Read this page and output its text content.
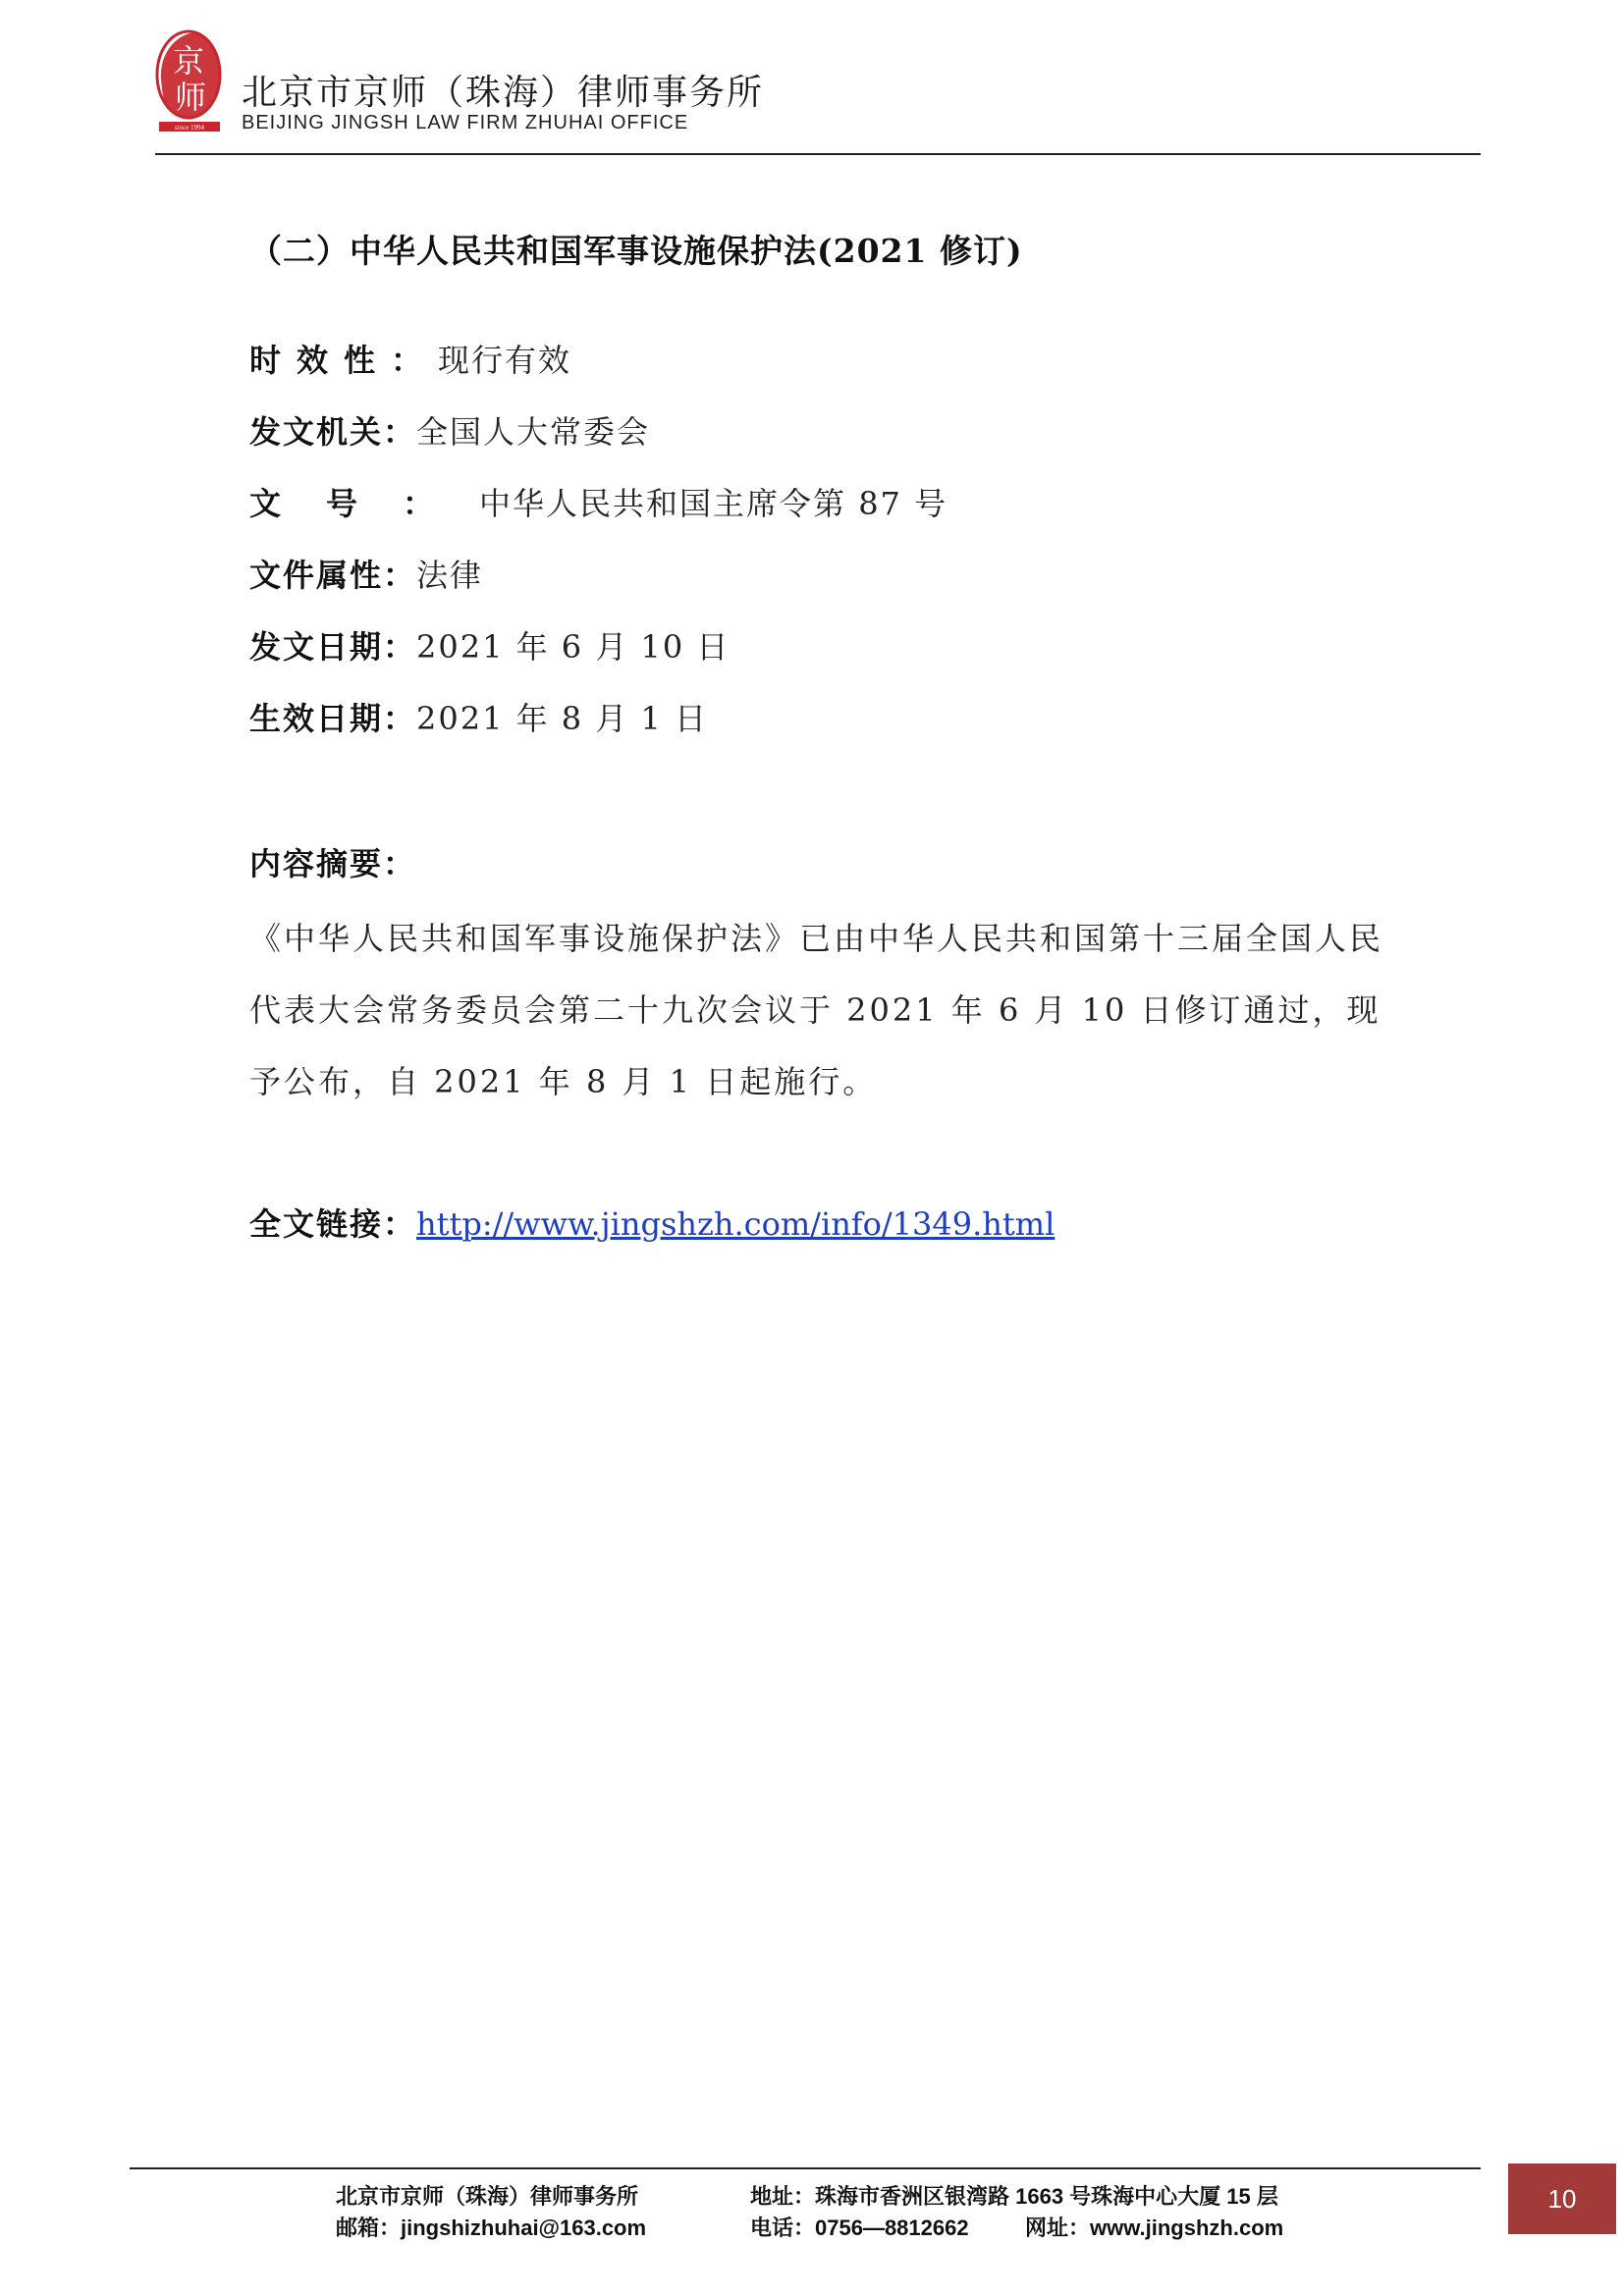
京
师
since 1994
北京市京师（珠海）律师事务所
BEIJING JINGSH LAW FIRM ZHUHAI OFFICE
（二）中华人民共和国军事设施保护法(2021 修订)
时效性：现行有效
发文机关：全国人大常委会
文号：中华人民共和国主席令第 87 号
文件属性：法律
发文日期：2021 年 6 月 10 日
生效日期：2021 年 8 月 1 日
内容摘要：
《中华人民共和国军事设施保护法》已由中华人民共和国第十三届全国人民代表大会常务委员会第二十九次会议于 2021 年 6 月 10 日修订通过，现予公布，自 2021 年 8 月 1 日起施行。
全文链接：http://www.jingshzh.com/info/1349.html
北京市京师（珠海）律师事务所
邮箱：jingshizhuhai@163.com
地址：珠海市香洲区银湾路 1663 号珠海中心大厦 15 层
电话：0756—8812662	网址：www.jingshzh.com
10
